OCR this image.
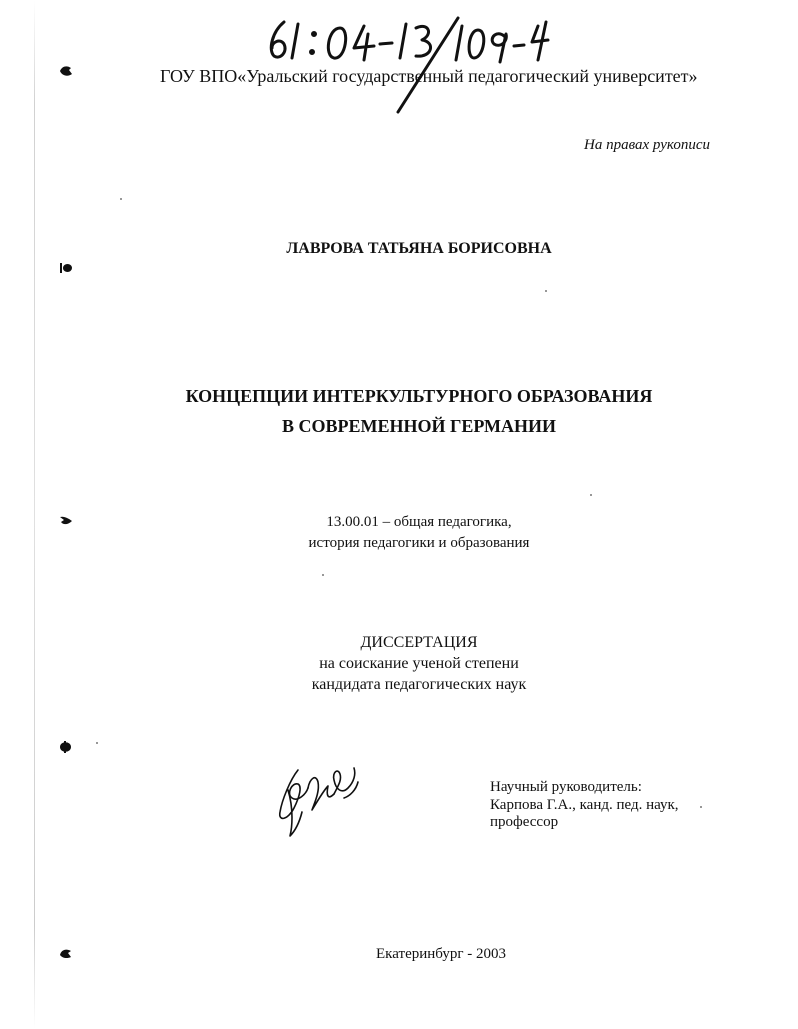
ГОУ ВПО«Уральский государственный педагогический университет»
На правах рукописи
ЛАВРОВА ТАТЬЯНА БОРИСОВНА
КОНЦЕПЦИИ ИНТЕРКУЛЬТУРНОГО ОБРАЗОВАНИЯ
В СОВРЕМЕННОЙ ГЕРМАНИИ
13.00.01 – общая педагогика,
история педагогики и образования
ДИССЕРТАЦИЯ
на соискание ученой степени
кандидата педагогических наук
Научный руководитель:
Карпова Г.А., канд. пед. наук,
профессор
Екатеринбург - 2003
